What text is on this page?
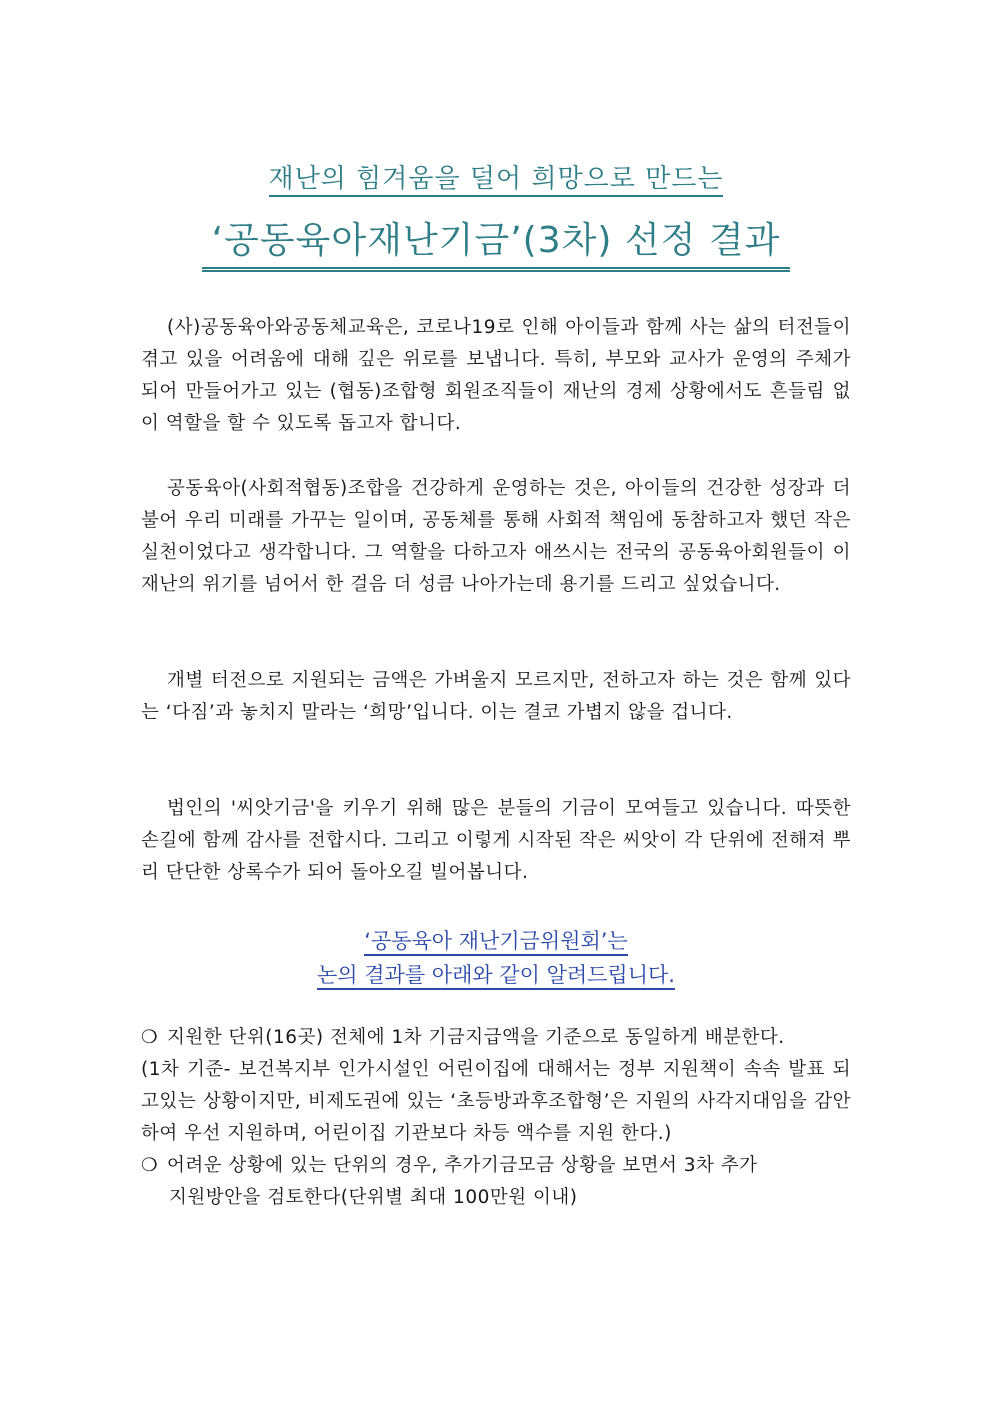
재난의 힘겨움을 덜어 희망으로 만드는
‘공동육아재난기금’(3차) 선정 결과
(사)공동육아와공동체교육은, 코로나19로 인해 아이들과 함께 사는 삶의 터전들이 겪고 있을 어려움에 대해 깊은 위로를 보냅니다. 특히, 부모와 교사가 운영의 주체가 되어 만들어가고 있는 (협동)조합형 회원조직들이 재난의 경제 상황에서도 흔들림 없이 역할을 할 수 있도록 돕고자 합니다.
공동육아(사회적협동)조합을 건강하게 운영하는 것은, 아이들의 건강한 성장과 더불어 우리 미래를 가꾸는 일이며, 공동체를 통해 사회적 책임에 동참하고자 했던 작은 실천이었다고 생각합니다. 그 역할을 다하고자 애쓰시는 전국의 공동육아회원들이 이 재난의 위기를 넘어서 한 걸음 더 성큼 나아가는데 용기를 드리고 싶었습니다.
개별 터전으로 지원되는 금액은 가벼울지 모르지만, 전하고자 하는 것은 함께 있다는 ‘다짐’과 놓치지 말라는 ‘희망’입니다. 이는 결코 가볍지 않을 겁니다.
법인의 '씨앗기금'을 키우기 위해 많은 분들의 기금이 모여들고 있습니다. 따뜻한 손길에 함께 감사를 전합시다. 그리고 이렇게 시작된 작은 씨앗이 각 단위에 전해져 뿌리 단단한 상록수가 되어 돌아오길 빌어봅니다.
‘공동육아 재난기금위원회’는
논의 결과를 아래와 같이 알려드립니다.
❍ 지원한 단위(16곳) 전체에 1차 기금지급액을 기준으로 동일하게 배분한다.
(1차 기준- 보건복지부 인가시설인 어린이집에 대해서는 정부 지원책이 속속 발표 되고있는 상황이지만, 비제도권에 있는 ‘초등방과후조합형’은 지원의 사각지대임을 감안하여 우선 지원하며, 어린이집 기관보다 차등 액수를 지원 한다.)
❍ 어려운 상황에 있는 단위의 경우, 추가기금모금 상황을 보면서 3차 추가
지원방안을 검토한다(단위별 최대 100만원 이내)
